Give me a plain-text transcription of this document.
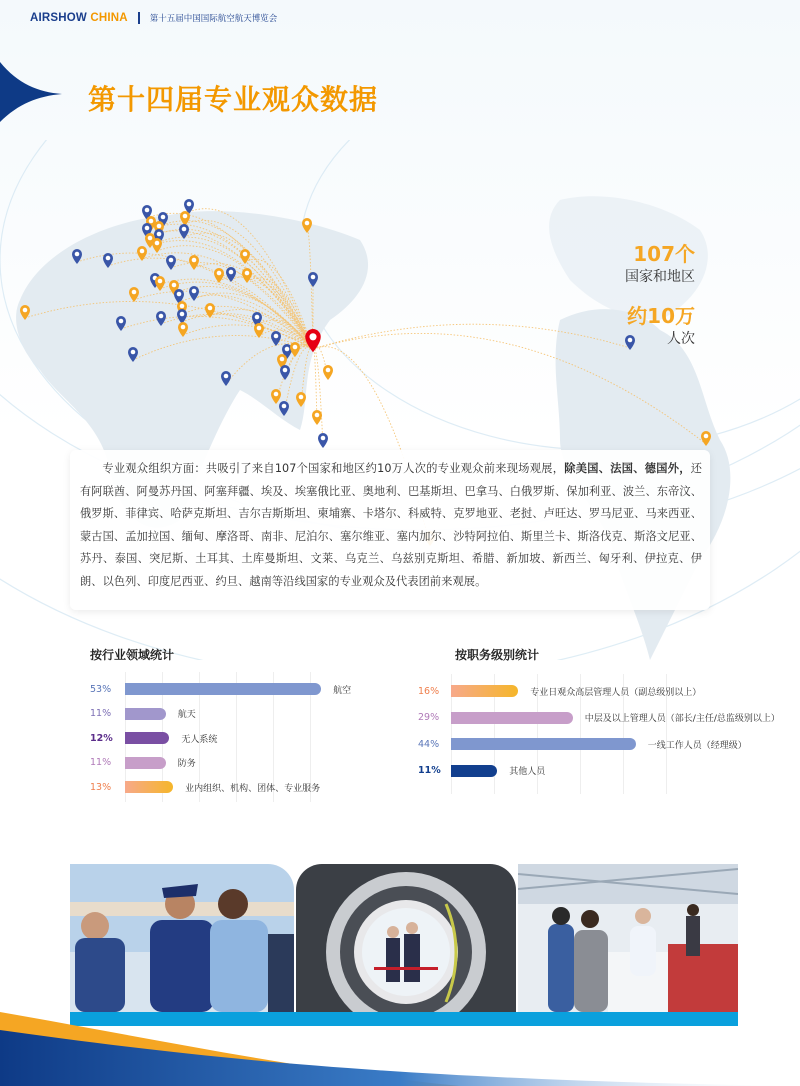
AIRSHOW CHINA	第十五届中国国际航空航天博览会
第十四届专业观众数据
107个
国家和地区
约10万
人次

专业观众组织方面：共吸引了来自107个国家和地区约10万人次的专业观众前来现场观展，除美国、法国、德国外，还有阿联酋、阿曼苏丹国、阿塞拜疆、埃及、埃塞俄比亚、奥地利、巴基斯坦、巴拿马、白俄罗斯、保加利亚、波兰、东帝汶、俄罗斯、菲律宾、哈萨克斯坦、吉尔吉斯斯坦、柬埔寨、卡塔尔、科威特、克罗地亚、老挝、卢旺达、罗马尼亚、马来西亚、蒙古国、孟加拉国、缅甸、摩洛哥、南非、尼泊尔、塞尔维亚、塞内加尔、沙特阿拉伯、斯里兰卡、斯洛伐克、斯洛文尼亚、苏丹、泰国、突尼斯、土耳其、土库曼斯坦、文莱、乌克兰、乌兹别克斯坦、希腊、新加坡、新西兰、匈牙利、伊拉克、伊朗、以色列、印度尼西亚、约旦、越南等沿线国家的专业观众及代表团前来观展。

按行业领域统计
53%	航空
11%	航天
12%	无人系统
11%	防务
13%	业内组织、机构、团体、专业服务
按职务级别统计
16%	专业日观众高层管理人员（副总级别以上）
29%	中层及以上管理人员（部长/主任/总监级别以上）
44%	一线工作人员（经理级）
11%	其他人员
